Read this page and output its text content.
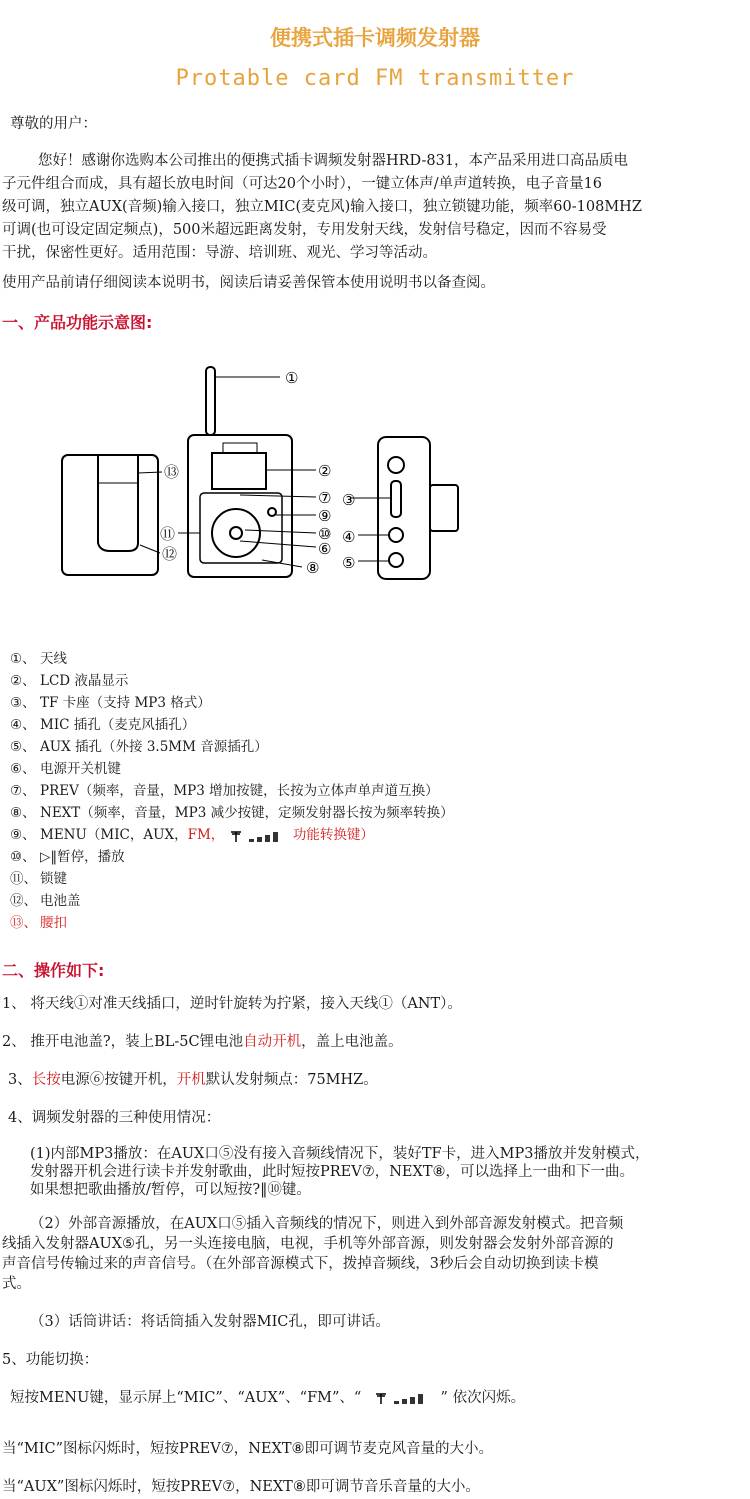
便携式插卡调频发射器
Protable card FM transmitter
尊敬的用户：
您好！感谢你选购本公司推出的便携式插卡调频发射器HRD-831，本产品采用进口高品质电
子元件组合而成，具有超长放电时间（可达20个小时），一键立体声/单声道转换，电子音量16
级可调，独立AUX(音频)输入接口，独立MIC(麦克风)输入接口，独立锁键功能，频率60-108MHZ
可调(也可设定固定频点)，500米超远距离发射，专用发射天线，发射信号稳定，因而不容易受
干扰，保密性更好。适用范围：导游、培训班、观光、学习等活动。
使用产品前请仔细阅读本说明书，阅读后请妥善保管本使用说明书以备查阅。
一、产品功能示意图:
①
②
③
④
⑤
⑥
⑦
⑧
⑨
⑩
⑪
⑫
⑬
①、 天线
②、 LCD 液晶显示
③、 TF 卡座（支持 MP3 格式）
④、 MIC 插孔（麦克风插孔）
⑤、 AUX 插孔（外接 3.5MM 音源插孔）
⑥、 电源开关机键
⑦、 PREV（频率，音量，MP3 增加按键，长按为立体声单声道互换）
⑧、 NEXT（频率，音量，MP3 减少按键，定频发射器长按为频率转换）
⑨、 MENU（MIC，AUX，FM，	功能转换键）
⑩、 ▷‖暂停，播放
⑪、 锁键
⑫、 电池盖
⑬、 腰扣
二、操作如下:
1、 将天线①对准天线插口，逆时针旋转为拧紧，接入天线①（ANT）。
2、 推开电池盖?，装上BL-5C锂电池自动开机，盖上电池盖。
3、长按电源⑥按键开机，开机默认发射频点：75MHZ。
4、调频发射器的三种使用情况：
(1)内部MP3播放：在AUX口⑤没有接入音频线情况下，装好TF卡，进入MP3播放并发射模式，
发射器开机会进行读卡并发射歌曲，此时短按PREV⑦，NEXT⑧，可以选择上一曲和下一曲。
如果想把歌曲播放/暂停，可以短按?‖⑩键。
（2）外部音源播放，在AUX口⑤插入音频线的情况下，则进入到外部音源发射模式。把音频
线插入发射器AUX⑤孔，另一头连接电脑，电视，手机等外部音源，则发射器会发射外部音源的
声音信号传输过来的声音信号。（在外部音源模式下，拨掉音频线，3秒后会自动切换到读卡模
式。
（3）话筒讲话：将话筒插入发射器MIC孔，即可讲话。
5、功能切换：
短按MENU键，显示屏上“MIC”、“AUX”、“FM”、“	” 依次闪烁。
当“MIC”图标闪烁时，短按PREV⑦，NEXT⑧即可调节麦克风音量的大小。
当“AUX”图标闪烁时，短按PREV⑦，NEXT⑧即可调节音乐音量的大小。
